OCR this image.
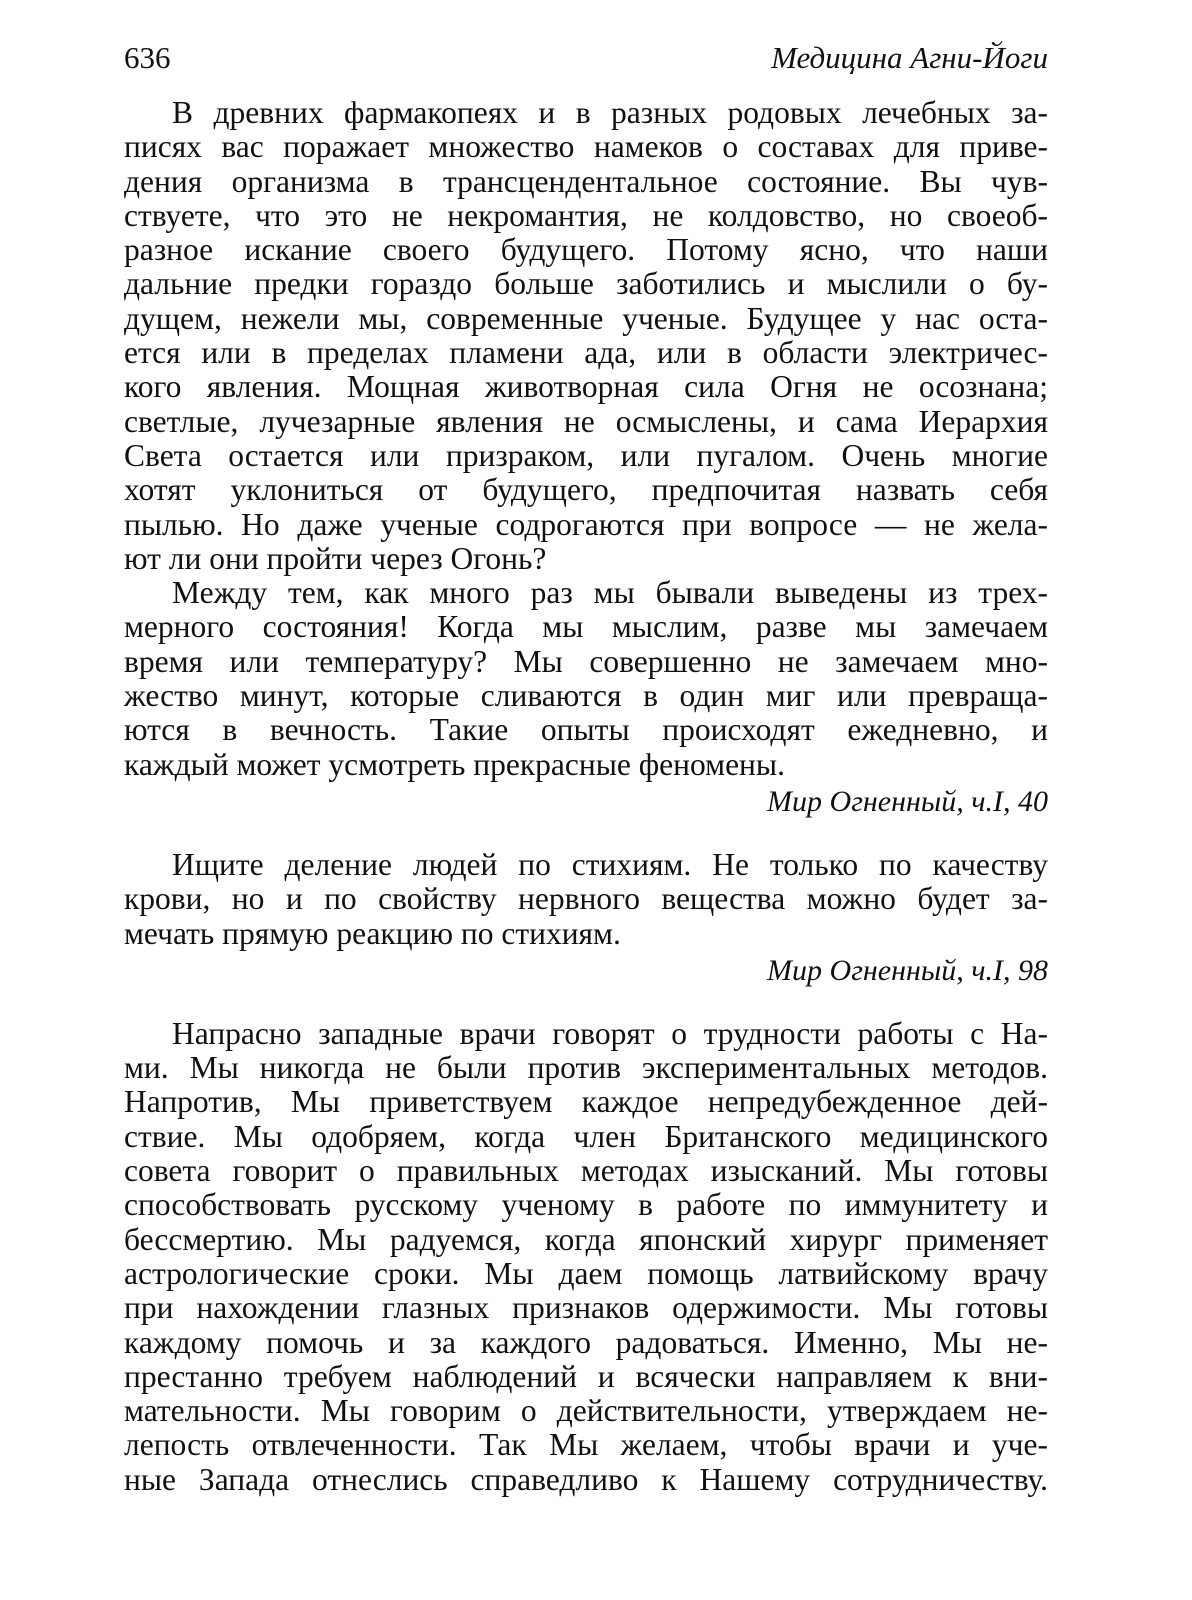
636	Медицина Агни-Йоги
В древних фармакопеях и в разных родовых лечебных за-
писях вас поражает множество намеков о составах для приве-
дения организма в трансцендентальное состояние. Вы чув-
ствуете, что это не некромантия, не колдовство, но своеоб-
разное искание своего будущего. Потому ясно, что наши
дальние предки гораздо больше заботились и мыслили о бу-
дущем, нежели мы, современные ученые. Будущее у нас оста-
ется или в пределах пламени ада, или в области электричес-
кого явления. Мощная животворная сила Огня не осознана;
светлые, лучезарные явления не осмыслены, и сама Иерархия
Света остается или призраком, или пугалом. Очень многие
хотят уклониться от будущего, предпочитая назвать себя
пылью. Но даже ученые содрогаются при вопросе — не жела-
ют ли они пройти через Огонь?
Между тем, как много раз мы бывали выведены из трех-
мерного состояния! Когда мы мыслим, разве мы замечаем
время или температуру? Мы совершенно не замечаем мно-
жество минут, которые сливаются в один миг или превраща-
ются в вечность. Такие опыты происходят ежедневно, и
каждый может усмотреть прекрасные феномены.
Мир Огненный, ч.I, 40
Ищите деление людей по стихиям. Не только по качеству
крови, но и по свойству нервного вещества можно будет за-
мечать прямую реакцию по стихиям.
Мир Огненный, ч.I, 98
Напрасно западные врачи говорят о трудности работы с На-
ми. Мы никогда не были против экспериментальных методов.
Напротив, Мы приветствуем каждое непредубежденное дей-
ствие. Мы одобряем, когда член Британского медицинского
совета говорит о правильных методах изысканий. Мы готовы
способствовать русскому ученому в работе по иммунитету и
бессмертию. Мы радуемся, когда японский хирург применяет
астрологические сроки. Мы даем помощь латвийскому врачу
при нахождении глазных признаков одержимости. Мы готовы
каждому помочь и за каждого радоваться. Именно, Мы не-
престанно требуем наблюдений и всячески направляем к вни-
мательности. Мы говорим о действительности, утверждаем не-
лепость отвлеченности. Так Мы желаем, чтобы врачи и уче-
ные Запада отнеслись справедливо к Нашему сотрудничеству.
